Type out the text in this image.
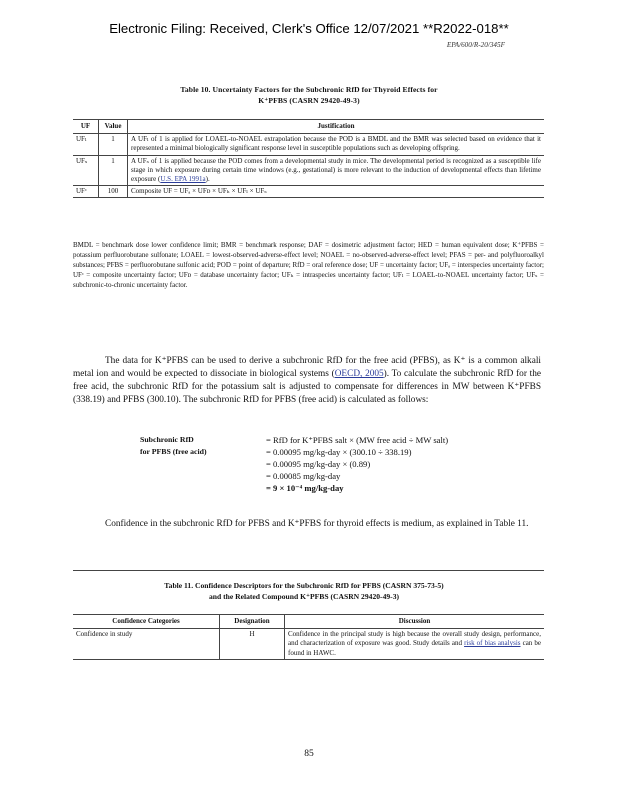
Electronic Filing: Received, Clerk's Office 12/07/2021 **R2022-018**
EPA/600/R-20/345F
Table 10. Uncertainty Factors for the Subchronic RfD for Thyroid Effects for
K⁺PFBS (CASRN 29420-49-3)
UF	Value	Justification
UFₗ	1	A UFₗ of 1 is applied for LOAEL-to-NOAEL extrapolation because the POD is a BMDL and the BMR was selected based on evidence that it represented a minimal biologically significant response level in susceptible populations such as developing offspring.
UFₛ	1	A UFₛ of 1 is applied because the POD comes from a developmental study in mice. The developmental period is recognized as a susceptible life stage in which exposure during certain time windows (e.g., gestational) is more relevant to the induction of developmental effects than lifetime exposure (U.S. EPA 1991a).
UFᶜ	100	Composite UF = UFₐ × UFᴅ × UFₕ × UFₗ × UFₛ
BMDL = benchmark dose lower confidence limit; BMR = benchmark response; DAF = dosimetric adjustment factor; HED = human equivalent dose; K⁺PFBS = potassium perfluorobutane sulfonate; LOAEL = lowest-observed-adverse-effect level; NOAEL = no-observed-adverse-effect level; PFAS = per- and polyfluoroalkyl substances; PFBS = perfluorobutane sulfonic acid; POD = point of departure; RfD = oral reference dose; UF = uncertainty factor; UFₐ = interspecies uncertainty factor; UFᶜ = composite uncertainty factor; UFᴅ = database uncertainty factor; UFₕ = intraspecies uncertainty factor; UFₗ = LOAEL-to-NOAEL uncertainty factor; UFₛ = subchronic-to-chronic uncertainty factor.
The data for K⁺PFBS can be used to derive a subchronic RfD for the free acid (PFBS), as K⁺ is a common alkali metal ion and would be expected to dissociate in biological systems (OECD, 2005). To calculate the subchronic RfD for the free acid, the subchronic RfD for the potassium salt is adjusted to compensate for differences in MW between K⁺PFBS (338.19) and PFBS (300.10). The subchronic RfD for PFBS (free acid) is calculated as follows:
Subchronic RfD
for PFBS (free acid)
= RfD for K⁺PFBS salt × (MW free acid ÷ MW salt)
= 0.00095 mg/kg-day × (300.10 ÷ 338.19)
= 0.00095 mg/kg-day × (0.89)
= 0.00085 mg/kg-day
= 9 × 10⁻⁴ mg/kg-day
Confidence in the subchronic RfD for PFBS and K⁺PFBS for thyroid effects is medium, as explained in Table 11.
Table 11. Confidence Descriptors for the Subchronic RfD for PFBS (CASRN 375-73-5)
and the Related Compound K⁺PFBS (CASRN 29420-49-3)
Confidence Categories	Designation	Discussion
Confidence in study	H	Confidence in the principal study is high because the overall study design, performance, and characterization of exposure was good. Study details and risk of bias analysis can be found in HAWC.
85
